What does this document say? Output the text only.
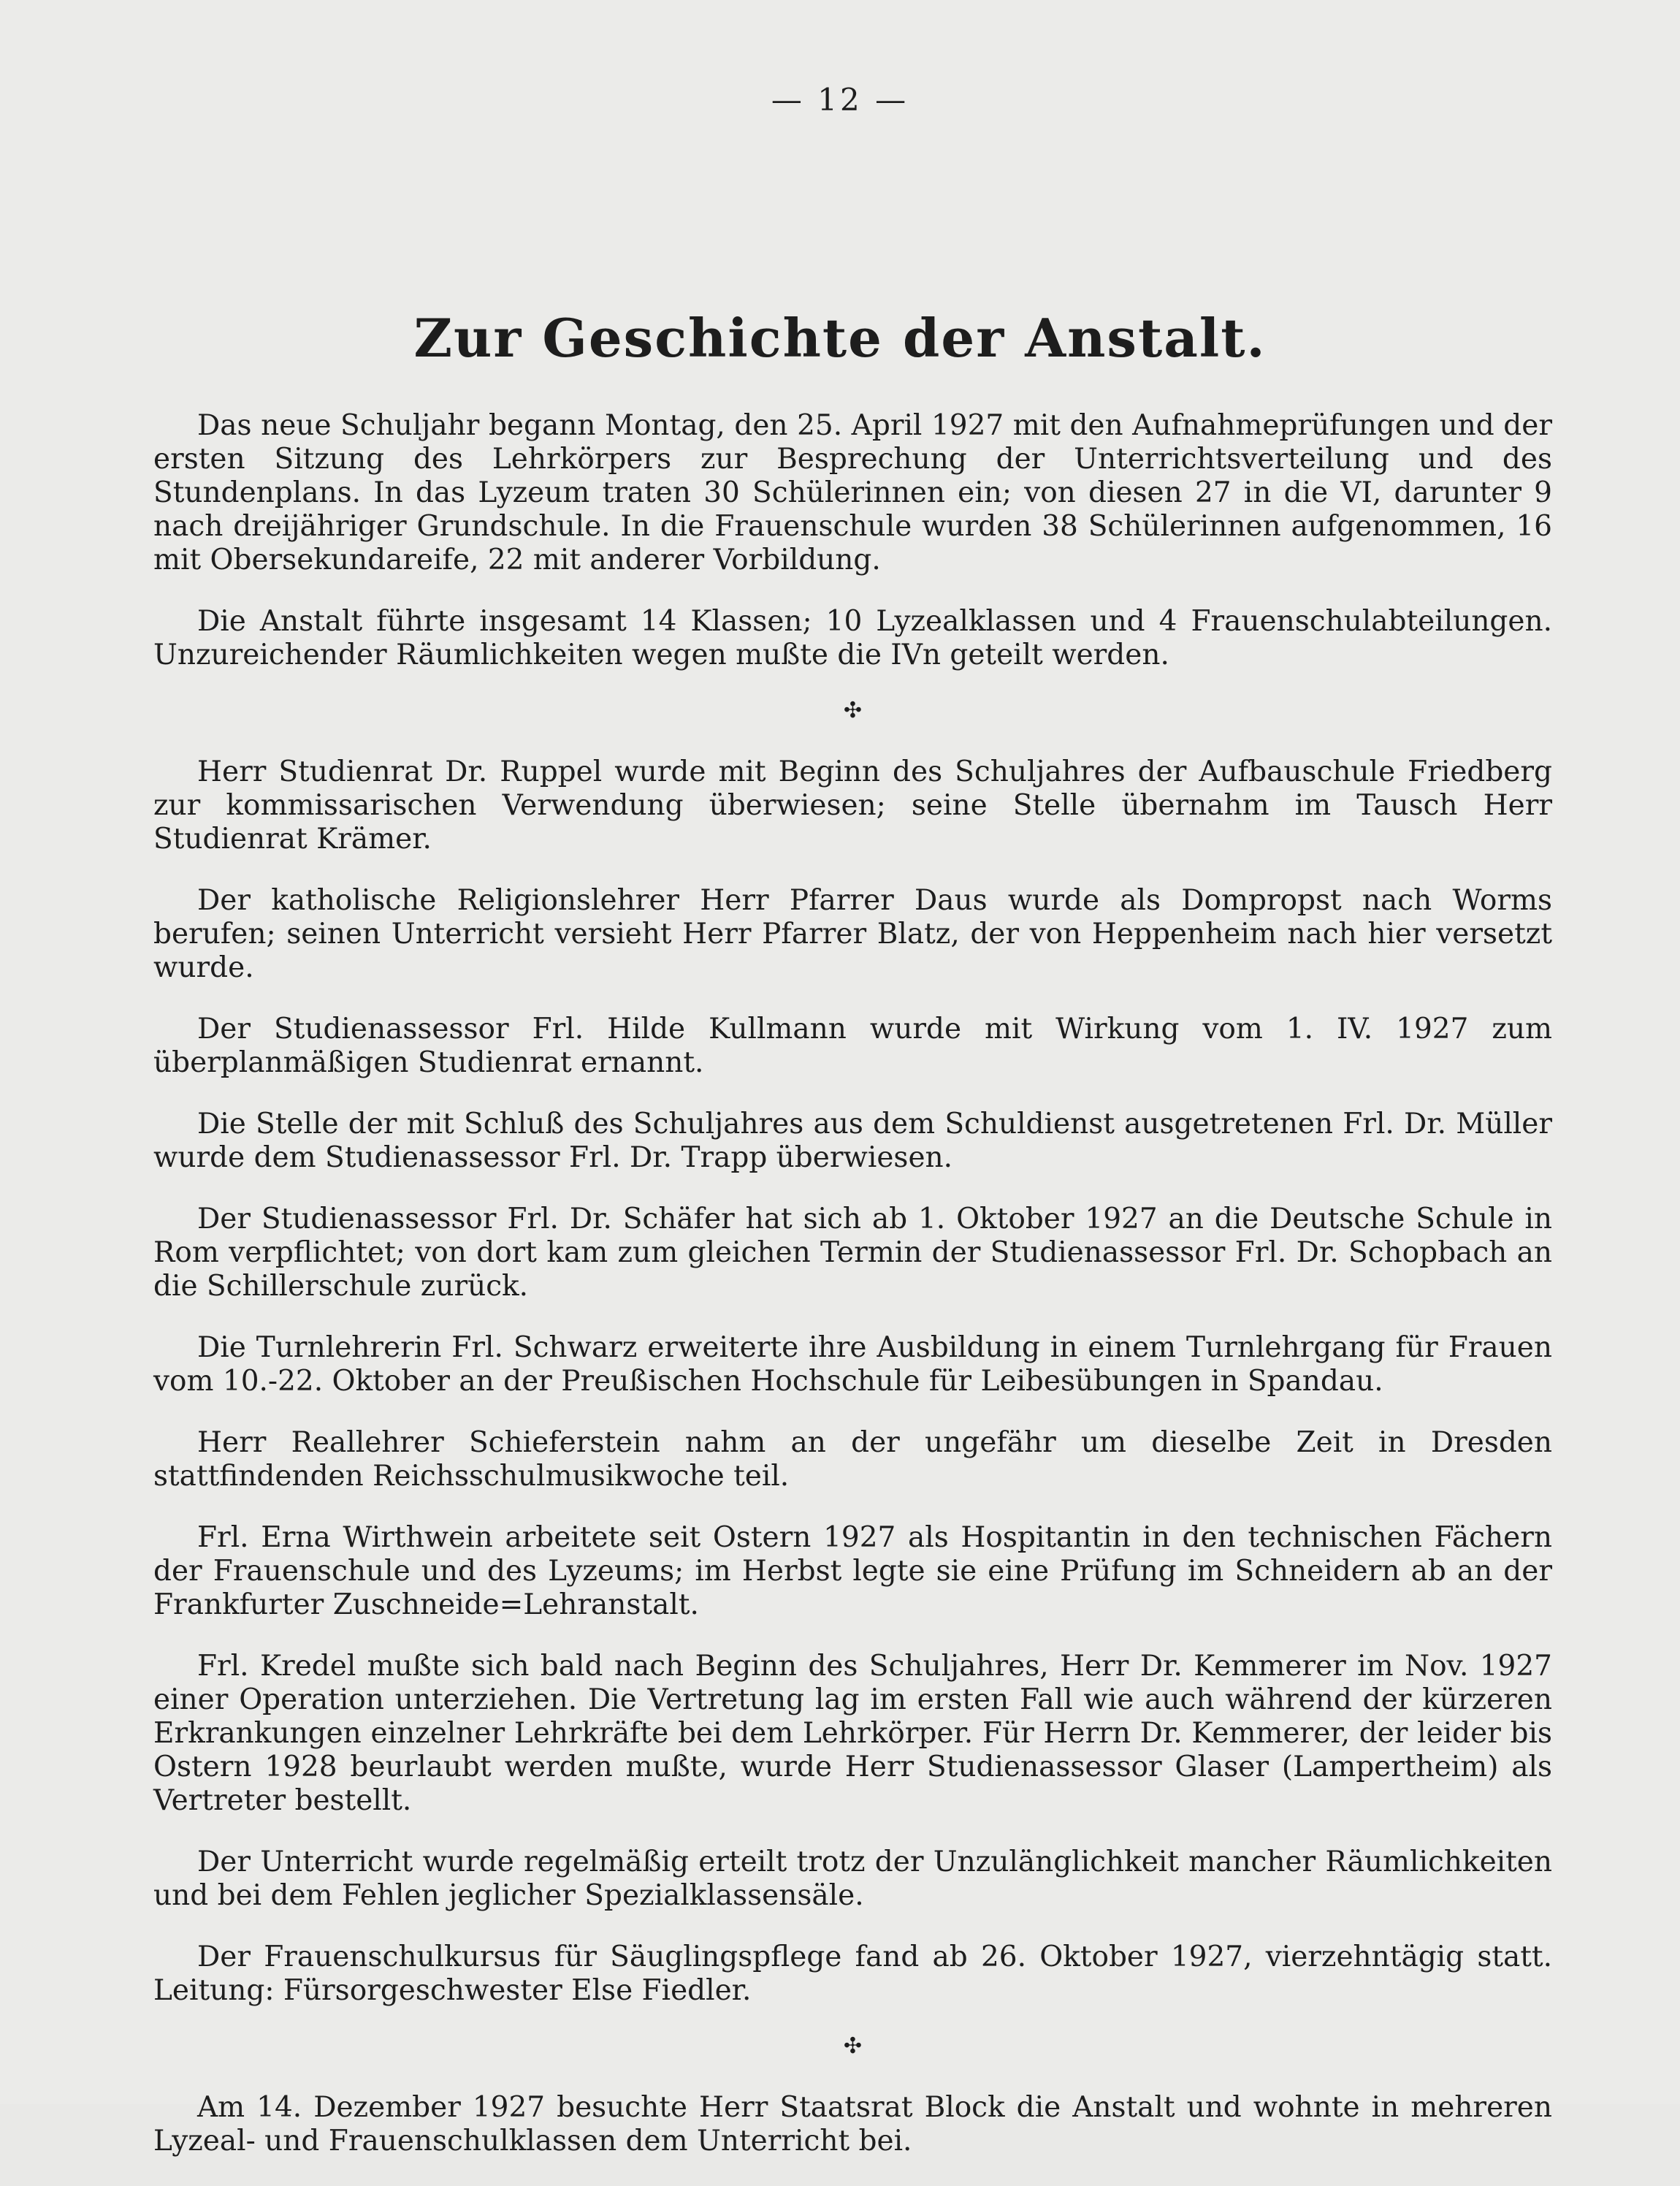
— 12 —
Zur Geschichte der Anstalt.

Das neue Schuljahr begann Montag, den 25. April 1927 mit den Aufnahmeprüfungen und der ersten Sitzung des Lehrkörpers zur Besprechung der Unterrichtsverteilung und des Stundenplans. In das Lyzeum traten 30 Schülerinnen ein; von diesen 27 in die VI, darunter 9 nach dreijähriger Grundschule. In die Frauenschule wurden 38 Schülerinnen aufgenommen, 16 mit Obersekundareife, 22 mit anderer Vorbildung.

Die Anstalt führte insgesamt 14 Klassen; 10 Lyzealklassen und 4 Frauenschulabteilungen. Unzureichender Räumlichkeiten wegen mußte die IVn geteilt werden.

✣

Herr Studienrat Dr. Ruppel wurde mit Beginn des Schuljahres der Aufbauschule Friedberg zur kommissarischen Verwendung überwiesen; seine Stelle übernahm im Tausch Herr Studienrat Krämer.

Der katholische Religionslehrer Herr Pfarrer Daus wurde als Dompropst nach Worms berufen; seinen Unterricht versieht Herr Pfarrer Blatz, der von Heppenheim nach hier versetzt wurde.

Der Studienassessor Frl. Hilde Kullmann wurde mit Wirkung vom 1. IV. 1927 zum überplanmäßigen Studienrat ernannt.

Die Stelle der mit Schluß des Schuljahres aus dem Schuldienst ausgetretenen Frl. Dr. Müller wurde dem Studienassessor Frl. Dr. Trapp überwiesen.

Der Studienassessor Frl. Dr. Schäfer hat sich ab 1. Oktober 1927 an die Deutsche Schule in Rom verpflichtet; von dort kam zum gleichen Termin der Studienassessor Frl. Dr. Schopbach an die Schillerschule zurück.

Die Turnlehrerin Frl. Schwarz erweiterte ihre Ausbildung in einem Turnlehrgang für Frauen vom 10.-22. Oktober an der Preußischen Hochschule für Leibesübungen in Spandau.

Herr Reallehrer Schieferstein nahm an der ungefähr um dieselbe Zeit in Dresden stattfindenden Reichsschulmusikwoche teil.

Frl. Erna Wirthwein arbeitete seit Ostern 1927 als Hospitantin in den technischen Fächern der Frauenschule und des Lyzeums; im Herbst legte sie eine Prüfung im Schneidern ab an der Frankfurter Zuschneide=Lehranstalt.

Frl. Kredel mußte sich bald nach Beginn des Schuljahres, Herr Dr. Kemmerer im Nov. 1927 einer Operation unterziehen. Die Vertretung lag im ersten Fall wie auch während der kürzeren Erkrankungen einzelner Lehrkräfte bei dem Lehrkörper. Für Herrn Dr. Kemmerer, der leider bis Ostern 1928 beurlaubt werden mußte, wurde Herr Studienassessor Glaser (Lampertheim) als Vertreter bestellt.

Der Unterricht wurde regelmäßig erteilt trotz der Unzulänglichkeit mancher Räumlichkeiten und bei dem Fehlen jeglicher Spezialklassensäle.

Der Frauenschulkursus für Säuglingspflege fand ab 26. Oktober 1927, vierzehntägig statt. Leitung: Fürsorgeschwester Else Fiedler.

✣

Am 14. Dezember 1927 besuchte Herr Staatsrat Block die Anstalt und wohnte in mehreren Lyzeal- und Frauenschulklassen dem Unterricht bei.
